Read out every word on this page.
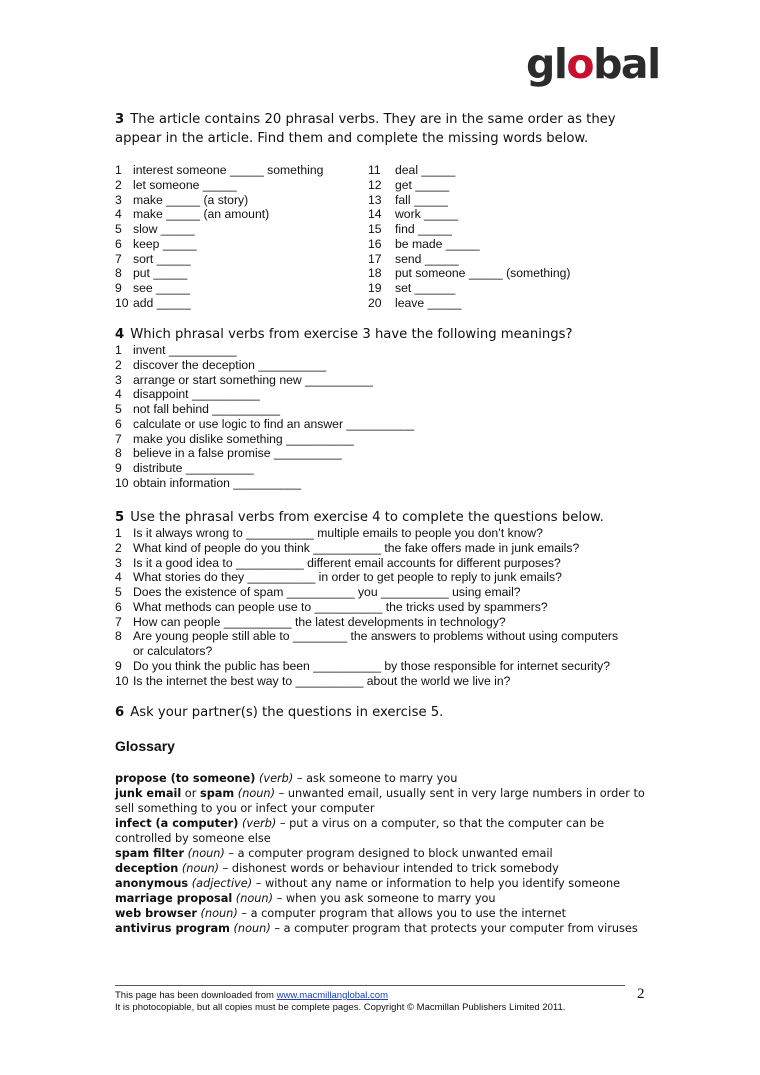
global
3 The article contains 20 phrasal verbs. They are in the same order as they appear in the article. Find them and complete the missing words below.
1 interest someone _____ something
2 let someone _____
3 make _____ (a story)
4 make _____ (an amount)
5 slow _____
6 keep _____
7 sort _____
8 put _____
9 see _____
10 add _____
11 deal _____
12 get _____
13 fall _____
14 work _____
15 find _____
16 be made _____
17 send _____
18 put someone _____ (something)
19 set ______
20 leave _____
4 Which phrasal verbs from exercise 3 have the following meanings?
1 invent __________
2 discover the deception __________
3 arrange or start something new __________
4 disappoint __________
5 not fall behind __________
6 calculate or use logic to find an answer __________
7 make you dislike something __________
8 believe in a false promise __________
9 distribute __________
10 obtain information __________
5 Use the phrasal verbs from exercise 4 to complete the questions below.
1 Is it always wrong to __________ multiple emails to people you don’t know?
2 What kind of people do you think __________ the fake offers made in junk emails?
3 Is it a good idea to __________ different email accounts for different purposes?
4 What stories do they __________ in order to get people to reply to junk emails?
5 Does the existence of spam __________ you __________ using email?
6 What methods can people use to __________ the tricks used by spammers?
7 How can people __________ the latest developments in technology?
8 Are young people still able to ________ the answers to problems without using computers
or calculators?
9 Do you think the public has been __________ by those responsible for internet security?
10 Is the internet the best way to __________ about the world we live in?
6 Ask your partner(s) the questions in exercise 5.
Glossary
propose (to someone) (verb) – ask someone to marry you
junk email or spam (noun) – unwanted email, usually sent in very large numbers in order to sell something to you or infect your computer
infect (a computer) (verb) – put a virus on a computer, so that the computer can be controlled by someone else
spam filter (noun) – a computer program designed to block unwanted email
deception (noun) – dishonest words or behaviour intended to trick somebody
anonymous (adjective) – without any name or information to help you identify someone
marriage proposal (noun) – when you ask someone to marry you
web browser (noun) – a computer program that allows you to use the internet
antivirus program (noun) – a computer program that protects your computer from viruses
This page has been downloaded from www.macmillanglobal.com
It is photocopiable, but all copies must be complete pages. Copyright © Macmillan Publishers Limited 2011.
2
